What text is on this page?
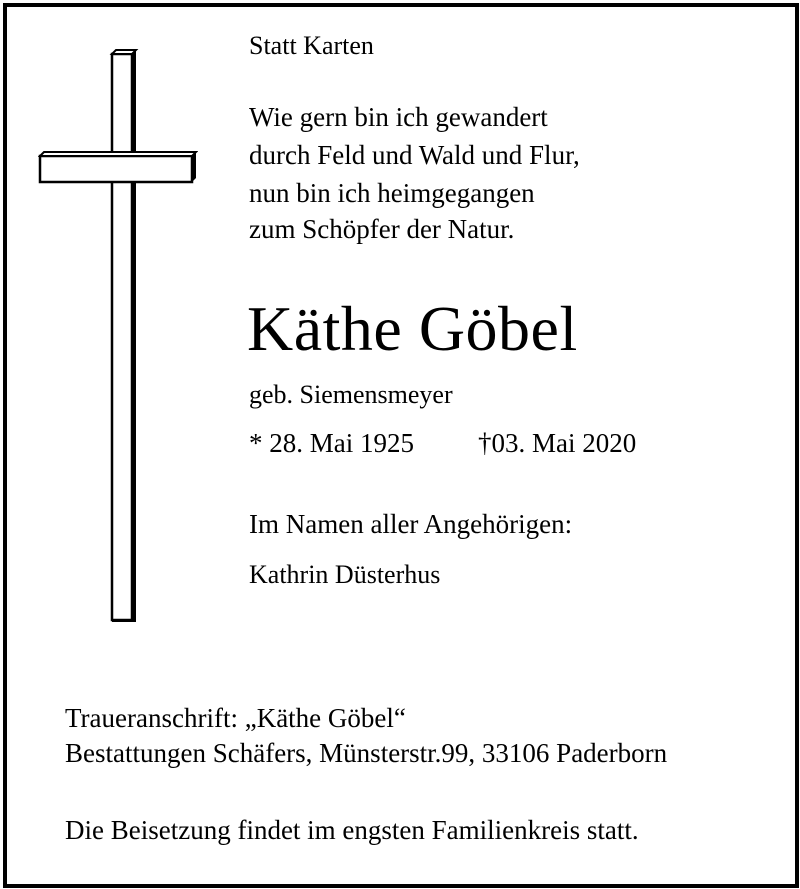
Statt Karten
Wie gern bin ich gewandert
durch Feld und Wald und Flur,
nun bin ich heimgegangen
zum Schöpfer der Natur.
Käthe Göbel
geb. Siemensmeyer
* 28. Mai 1925 †03. Mai 2020
Im Namen aller Angehörigen:
Kathrin Düsterhus
Traueranschrift: „Käthe Göbel“
Bestattungen Schäfers, Münsterstr.99, 33106 Paderborn
Die Beisetzung findet im engsten Familienkreis statt.
